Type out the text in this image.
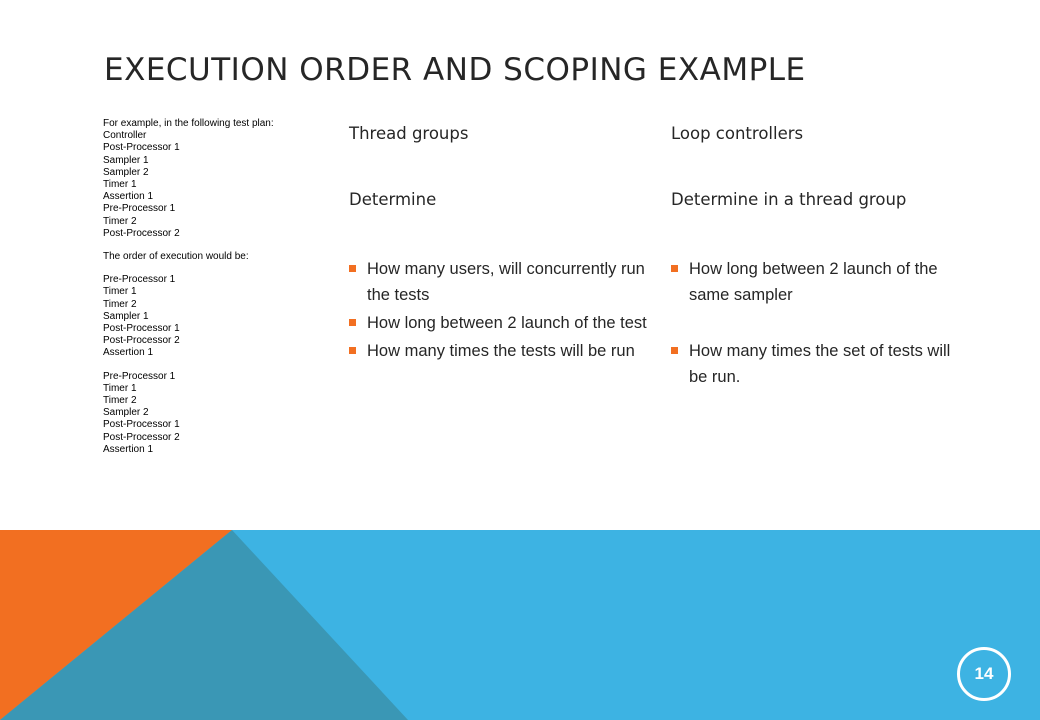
EXECUTION ORDER AND SCOPING EXAMPLE
For example, in the following test plan:
Controller
Post-Processor 1
Sampler 1
Sampler 2
Timer 1
Assertion 1
Pre-Processor 1
Timer 2
Post-Processor 2
The order of execution would be:
Pre-Processor 1
Timer 1
Timer 2
Sampler 1
Post-Processor 1
Post-Processor 2
Assertion 1
Pre-Processor 1
Timer 1
Timer 2
Sampler 2
Post-Processor 1
Post-Processor 2
Assertion 1
Thread groups
Determine
How many users, will concurrently run the tests
How long between 2 launch of the test
How many times the tests will be run
Loop controllers
Determine in a thread group
How long between 2 launch of the same sampler
How many times the set of tests will be run.
14
